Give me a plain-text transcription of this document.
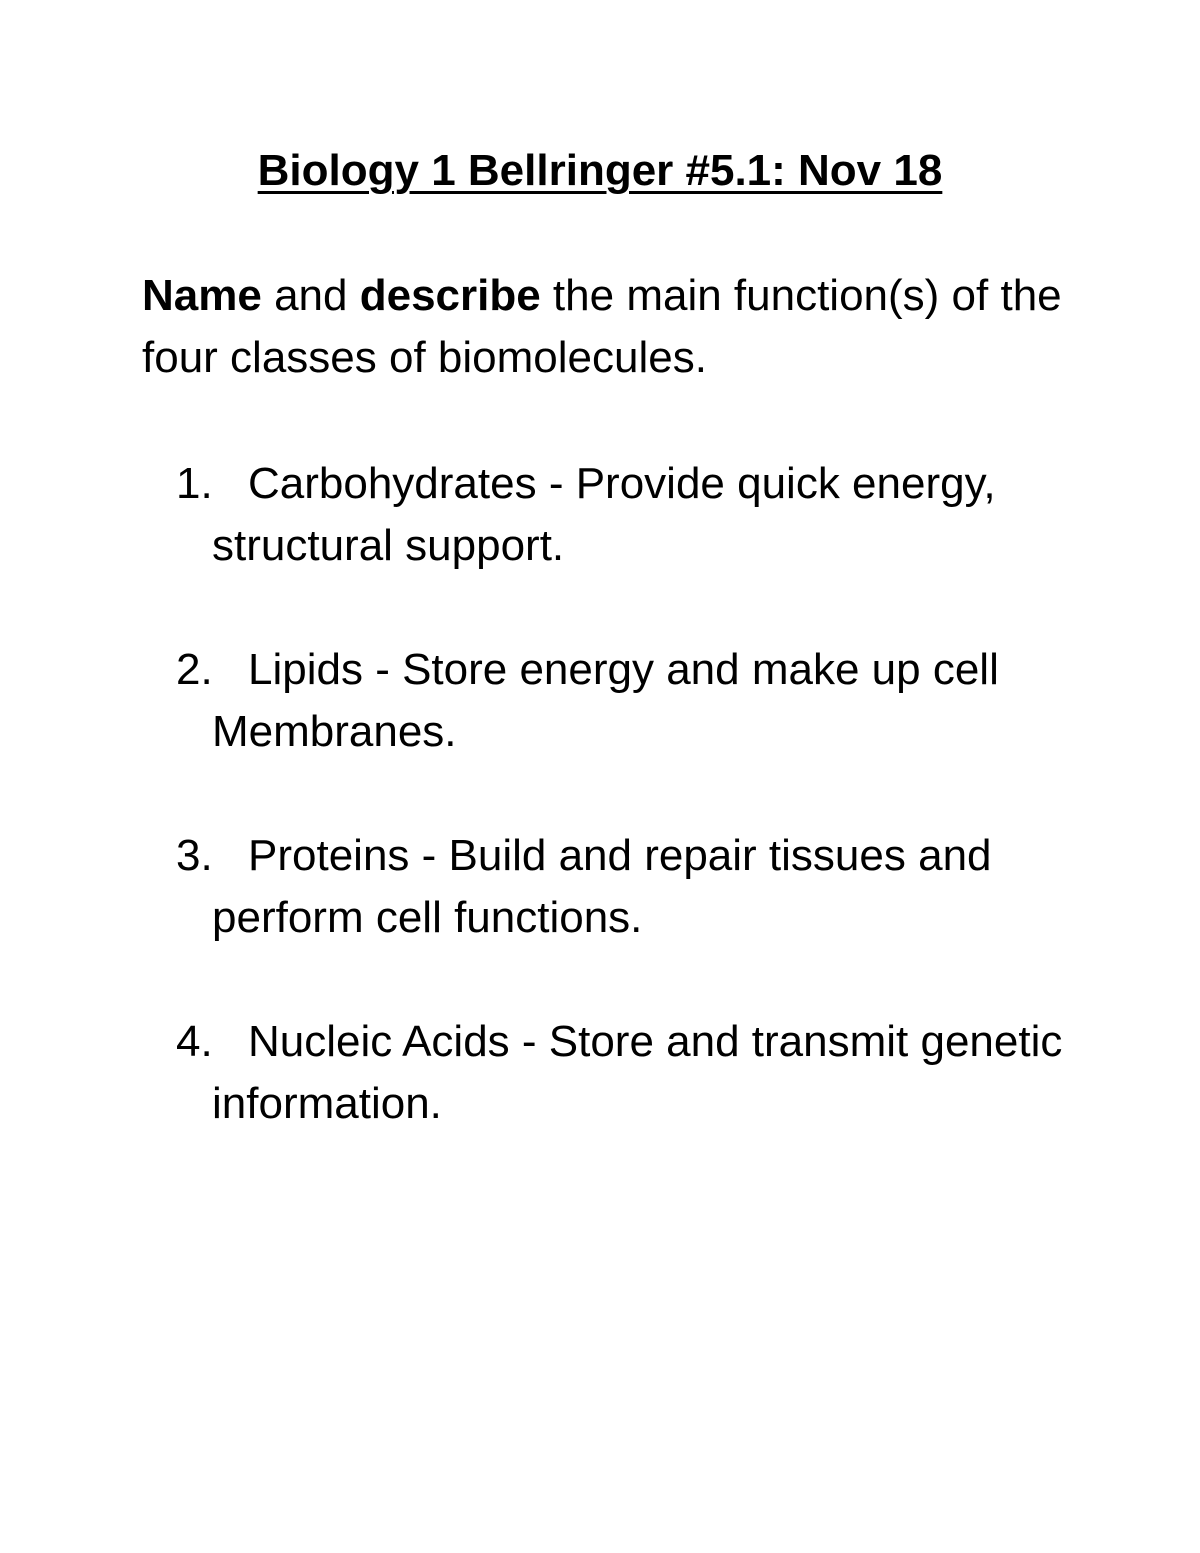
Biology 1 Bellringer #5.1: Nov 18

Name and describe the main function(s) of the four classes of biomolecules.

1. Carbohydrates - Provide quick energy, structural support.
2. Lipids - Store energy and make up cell Membranes.
3. Proteins - Build and repair tissues and perform cell functions.
4. Nucleic Acids - Store and transmit genetic information.
